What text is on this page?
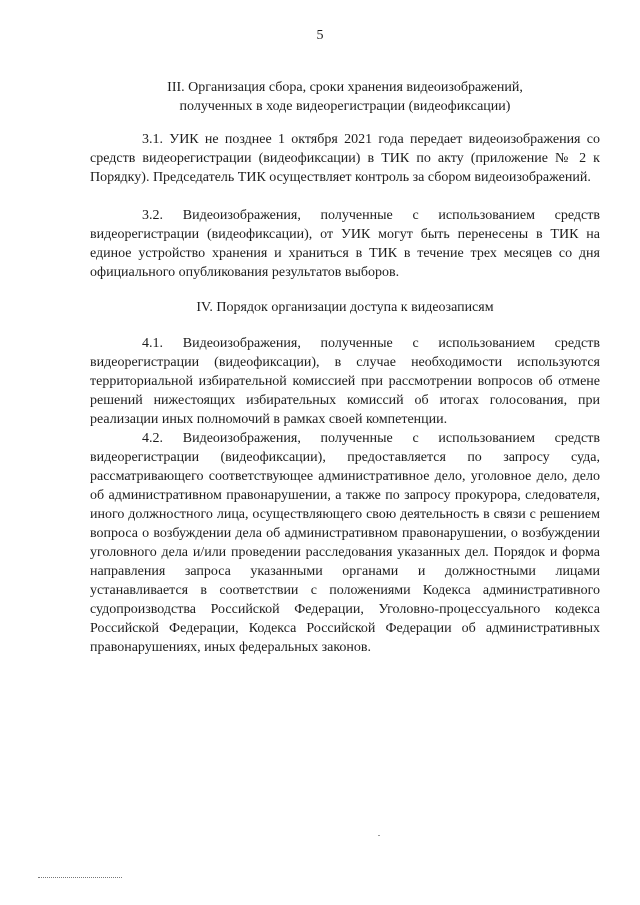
5
III. Организация сбора, сроки хранения видеоизображений,
полученных в ходе видеорегистрации (видеофиксации)

3.1. УИК не позднее 1 октября 2021 года передает видеоизображения со средств видеорегистрации (видеофиксации) в ТИК по акту (приложение № 2 к Порядку). Председатель ТИК осуществляет контроль за сбором видеоизображений.

3.2. Видеоизображения, полученные с использованием средств видеорегистрации (видеофиксации), от УИК могут быть перенесены в ТИК на единое устройство хранения и храниться в ТИК в течение трех месяцев со дня официального опубликования результатов выборов.

IV. Порядок организации доступа к видеозаписям

4.1. Видеоизображения, полученные с использованием средств видеорегистрации (видеофиксации), в случае необходимости используются территориальной избирательной комиссией при рассмотрении вопросов об отмене решений нижестоящих избирательных комиссий об итогах голосования, при реализации иных полномочий в рамках своей компетенции.

4.2. Видеоизображения, полученные с использованием средств видеорегистрации (видеофиксации), предоставляется по запросу суда, рассматривающего соответствующее административное дело, уголовное дело, дело об административном правонарушении, а также по запросу прокурора, следователя, иного должностного лица, осуществляющего свою деятельность в связи с решением вопроса о возбуждении дела об административном правонарушении, о возбуждении уголовного дела и/или проведении расследования указанных дел. Порядок и форма направления запроса указанными органами и должностными лицами устанавливается в соответствии с положениями Кодекса административного судопроизводства Российской Федерации, Уголовно-процессуального кодекса Российской Федерации, Кодекса Российской Федерации об административных правонарушениях, иных федеральных законов.
